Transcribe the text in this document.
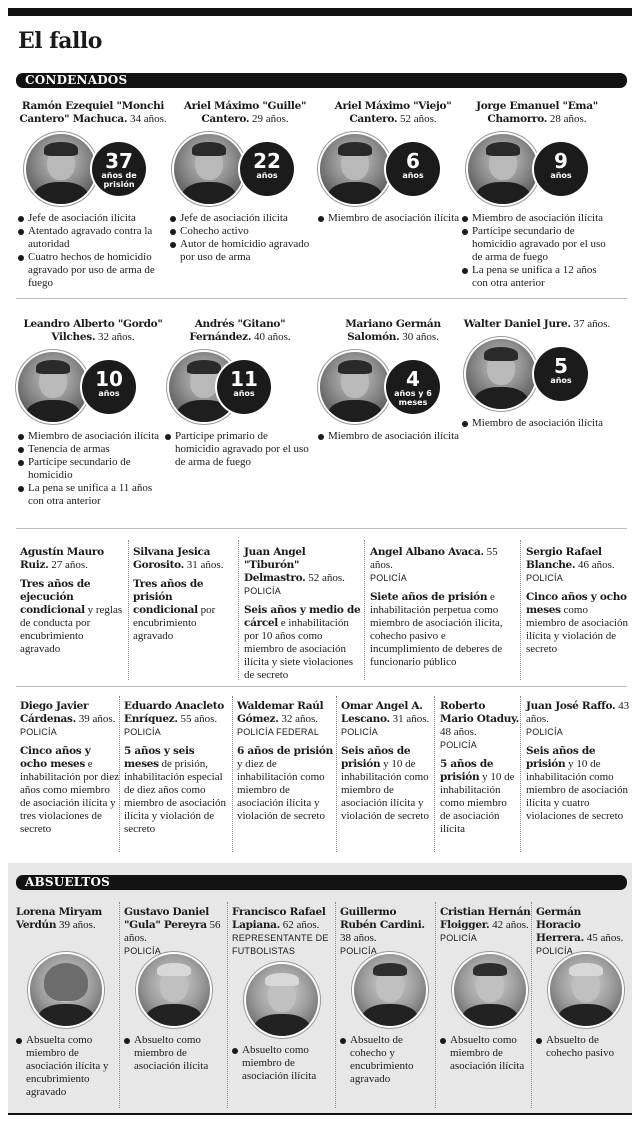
El fallo
CONDENADOS
Ramón Ezequiel "Monchi Cantero" Machuca. 34 años.
37
años de prisión
Jefe de asociación ilícita
Atentado agravado contra la autoridad
Cuatro hechos de homicidio agravado por uso de arma de fuego
Ariel Máximo "Guille" Cantero. 29 años.
22
años
Jefe de asociación ilícita
Cohecho activo
Autor de homicidio agravado por uso de arma
Ariel Máximo "Viejo" Cantero. 52 años.
6
años
Miembro de asociación ilícita
Jorge Emanuel "Ema" Chamorro. 28 años.
9
años
Miembro de asociación ilícita
Partícipe secundario de homicidio agravado por el uso de arma de fuego
La pena se unifica a 12 años con otra anterior
Leandro Alberto "Gordo" Vilches. 32 años.
10
años
Miembro de asociación ilícita
Tenencia de armas
Partícipe secundario de homicidio
La pena se unifica a 11 años con otra anterior
Andrés "Gitano" Fernández. 40 años.
11
años
Partícipe primario de homicidio agravado por el uso de arma de fuego
Mariano Germán Salomón. 30 años.
4
años y 6 meses
Miembro de asociación ilícita
Walter Daniel Jure. 37 años.
5
años
Miembro de asociación ilícita
Agustín Mauro Ruiz. 27 años.
Tres años de ejecución condicional y reglas de conducta por encubrimiento agravado
Silvana Jesica Gorosito. 31 años.
Tres años de prisión condicional por encubrimiento agravado
Juan Angel "Tiburón" Delmastro. 52 años.
POLICÍA
Seis años y medio de cárcel e inhabilitación por 10 años como miembro de asociación ilícita y siete violaciones de secreto
Angel Albano Avaca. 55 años.
POLICÍA
Siete años de prisión e inhabilitación perpetua como miembro de asociación ilícita, cohecho pasivo e incumplimiento de deberes de funcionario público
Sergio Rafael Blanche. 46 años.
POLICÍA
Cinco años y ocho meses como miembro de asociación ilícita y violación de secreto
Diego Javier Cárdenas. 39 años.
POLICÍA
Cinco años y ocho meses e inhabilitación por diez años como miembro de asociación ilícita y tres violaciones de secreto
Eduardo Anacleto Enríquez. 55 años.
POLICÍA
5 años y seis meses de prisión, inhabilitación especial de diez años como miembro de asociación ilícita y violación de secreto
Waldemar Raúl Gómez. 32 años.
POLICÍA FEDERAL
6 años de prisión y diez de inhabilitación como miembro de asociación ilícita y violación de secreto
Omar Angel A. Lescano. 31 años.
POLICÍA
Seis años de prisión y 10 de inhabilitación como miembro de asociación ilícita y violación de secreto
Roberto Mario Otaduy. 48 años.
POLICÍA
5 años de prisión y 10 de inhabilitación como miembro de asociación ilícita
Juan José Raffo. 43 años.
POLICÍA
Seis años de prisión y 10 de inhabilitación como miembro de asociación ilícita y cuatro violaciones de secreto
ABSUELTOS
Lorena Miryam Verdún 39 años.
Absuelta como miembro de asociación ilícita y encubrimiento agravado
Gustavo Daniel "Gula" Pereyra 56 años.
POLICÍA
Absuelto como miembro de asociación ilícita
Francisco Rafael Lapiana. 62 años.
REPRESENTANTE DE FUTBOLISTAS
Absuelto como miembro de asociación ilícita
Guillermo Rubén Cardini. 38 años.
POLICÍA
Absuelto de cohecho y encubrimiento agravado
Cristian Hernán Floigger. 42 años.
POLICÍA
Absuelto como miembro de asociación ilícita
Germán Horacio Herrera. 45 años.
POLICÍA
Absuelto de cohecho pasivo
